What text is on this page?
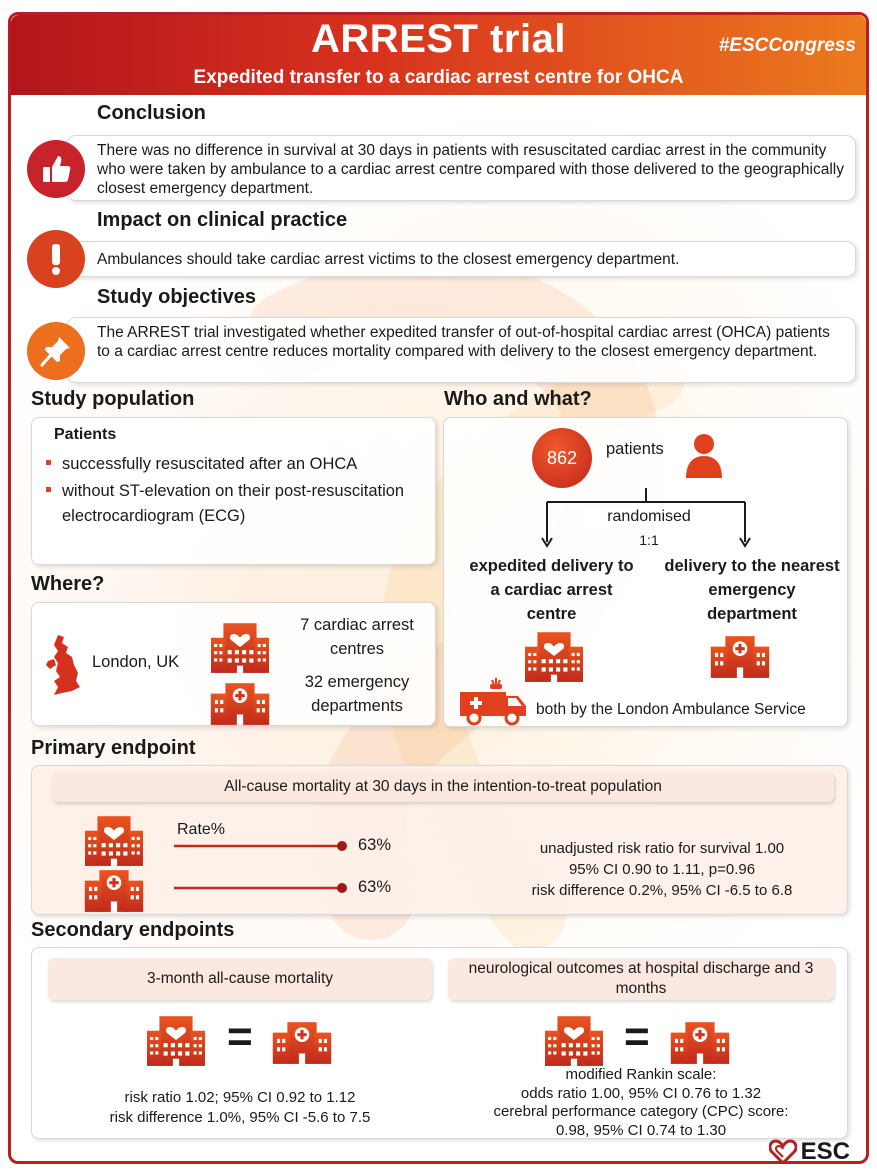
ARREST trial
Expedited transfer to a cardiac arrest centre for OHCA
#ESCCongress
Conclusion
There was no difference in survival at 30 days in patients with resuscitated cardiac arrest in the community who were taken by ambulance to a cardiac arrest centre compared with those delivered to the geographically closest emergency department.
Impact on clinical practice
Ambulances should take cardiac arrest victims to the closest emergency department.
Study objectives
The ARREST trial investigated whether expedited transfer of out-of-hospital cardiac arrest (OHCA) patients to a cardiac arrest centre reduces mortality compared with delivery to the closest emergency department.
Study population
Patients
successfully resuscitated after an OHCA
without ST-elevation on their post-resuscitation electrocardiogram (ECG)
Where?
London, UK
7 cardiac arrest centres
32 emergency departments
Who and what?
862	patients
randomised
1:1
expedited delivery to a cardiac arrest centre
delivery to the nearest emergency department
both by the London Ambulance Service
Primary endpoint
All-cause mortality at 30 days in the intention-to-treat population
Rate%
63%
63%
unadjusted risk ratio for survival 1.00
95% CI 0.90 to 1.11, p=0.96
risk difference 0.2%, 95% CI -6.5 to 6.8
Secondary endpoints
3-month all-cause mortality
neurological outcomes at hospital discharge and 3 months
=
risk ratio 1.02; 95% CI 0.92 to 1.12
risk difference 1.0%, 95% CI -5.6 to 7.5
=
modified Rankin scale:
odds ratio 1.00, 95% CI 0.76 to 1.32
cerebral performance category (CPC) score:
0.98, 95% CI 0.74 to 1.30
ESC
